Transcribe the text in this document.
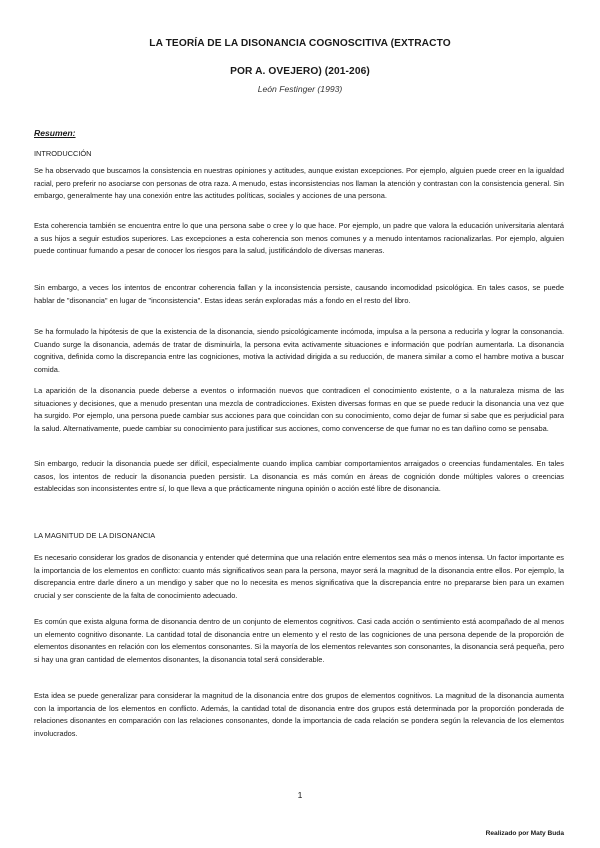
LA TEORÍA DE LA DISONANCIA COGNOSCITIVA (EXTRACTO
POR A. OVEJERO) (201-206)
León Festinger (1993)
Resumen:
INTRODUCCIÓN

Se ha observado que buscamos la consistencia en nuestras opiniones y actitudes, aunque existan excepciones. Por ejemplo, alguien puede creer en la igualdad racial, pero preferir no asociarse con personas de otra raza. A menudo, estas inconsistencias nos llaman la atención y contrastan con la consistencia general. Sin embargo, generalmente hay una conexión entre las actitudes políticas, sociales y acciones de una persona.

Esta coherencia también se encuentra entre lo que una persona sabe o cree y lo que hace. Por ejemplo, un padre que valora la educación universitaria alentará a sus hijos a seguir estudios superiores. Las excepciones a esta coherencia son menos comunes y a menudo intentamos racionalizarlas. Por ejemplo, alguien puede continuar fumando a pesar de conocer los riesgos para la salud, justificándolo de diversas maneras.

Sin embargo, a veces los intentos de encontrar coherencia fallan y la inconsistencia persiste, causando incomodidad psicológica. En tales casos, se puede hablar de "disonancia" en lugar de "inconsistencia". Estas ideas serán exploradas más a fondo en el resto del libro.

Se ha formulado la hipótesis de que la existencia de la disonancia, siendo psicológicamente incómoda, impulsa a la persona a reducirla y lograr la consonancia. Cuando surge la disonancia, además de tratar de disminuirla, la persona evita activamente situaciones e información que podrían aumentarla. La disonancia cognitiva, definida como la discrepancia entre las cogniciones, motiva la actividad dirigida a su reducción, de manera similar a como el hambre motiva a buscar comida.

La aparición de la disonancia puede deberse a eventos o información nuevos que contradicen el conocimiento existente, o a la naturaleza misma de las situaciones y decisiones, que a menudo presentan una mezcla de contradicciones. Existen diversas formas en que se puede reducir la disonancia una vez que ha surgido. Por ejemplo, una persona puede cambiar sus acciones para que coincidan con su conocimiento, como dejar de fumar si sabe que es perjudicial para la salud. Alternativamente, puede cambiar su conocimiento para justificar sus acciones, como convencerse de que fumar no es tan dañino como se pensaba.

Sin embargo, reducir la disonancia puede ser difícil, especialmente cuando implica cambiar comportamientos arraigados o creencias fundamentales. En tales casos, los intentos de reducir la disonancia pueden persistir. La disonancia es más común en áreas de cognición donde múltiples valores o creencias establecidas son inconsistentes entre sí, lo que lleva a que prácticamente ninguna opinión o acción esté libre de disonancia.

LA MAGNITUD DE LA DISONANCIA

Es necesario considerar los grados de disonancia y entender qué determina que una relación entre elementos sea más o menos intensa. Un factor importante es la importancia de los elementos en conflicto: cuanto más significativos sean para la persona, mayor será la magnitud de la disonancia entre ellos. Por ejemplo, la discrepancia entre darle dinero a un mendigo y saber que no lo necesita es menos significativa que la discrepancia entre no prepararse bien para un examen crucial y ser consciente de la falta de conocimiento adecuado.

Es común que exista alguna forma de disonancia dentro de un conjunto de elementos cognitivos. Casi cada acción o sentimiento está acompañado de al menos un elemento cognitivo disonante. La cantidad total de disonancia entre un elemento y el resto de las cogniciones de una persona depende de la proporción de elementos disonantes en relación con los elementos consonantes. Si la mayoría de los elementos relevantes son consonantes, la disonancia será pequeña, pero si hay una gran cantidad de elementos disonantes, la disonancia total será considerable.

Esta idea se puede generalizar para considerar la magnitud de la disonancia entre dos grupos de elementos cognitivos. La magnitud de la disonancia aumenta con la importancia de los elementos en conflicto. Además, la cantidad total de disonancia entre dos grupos está determinada por la proporción ponderada de relaciones disonantes en comparación con las relaciones consonantes, donde la importancia de cada relación se pondera según la relevancia de los elementos involucrados.

1
Realizado por Maty Buda
